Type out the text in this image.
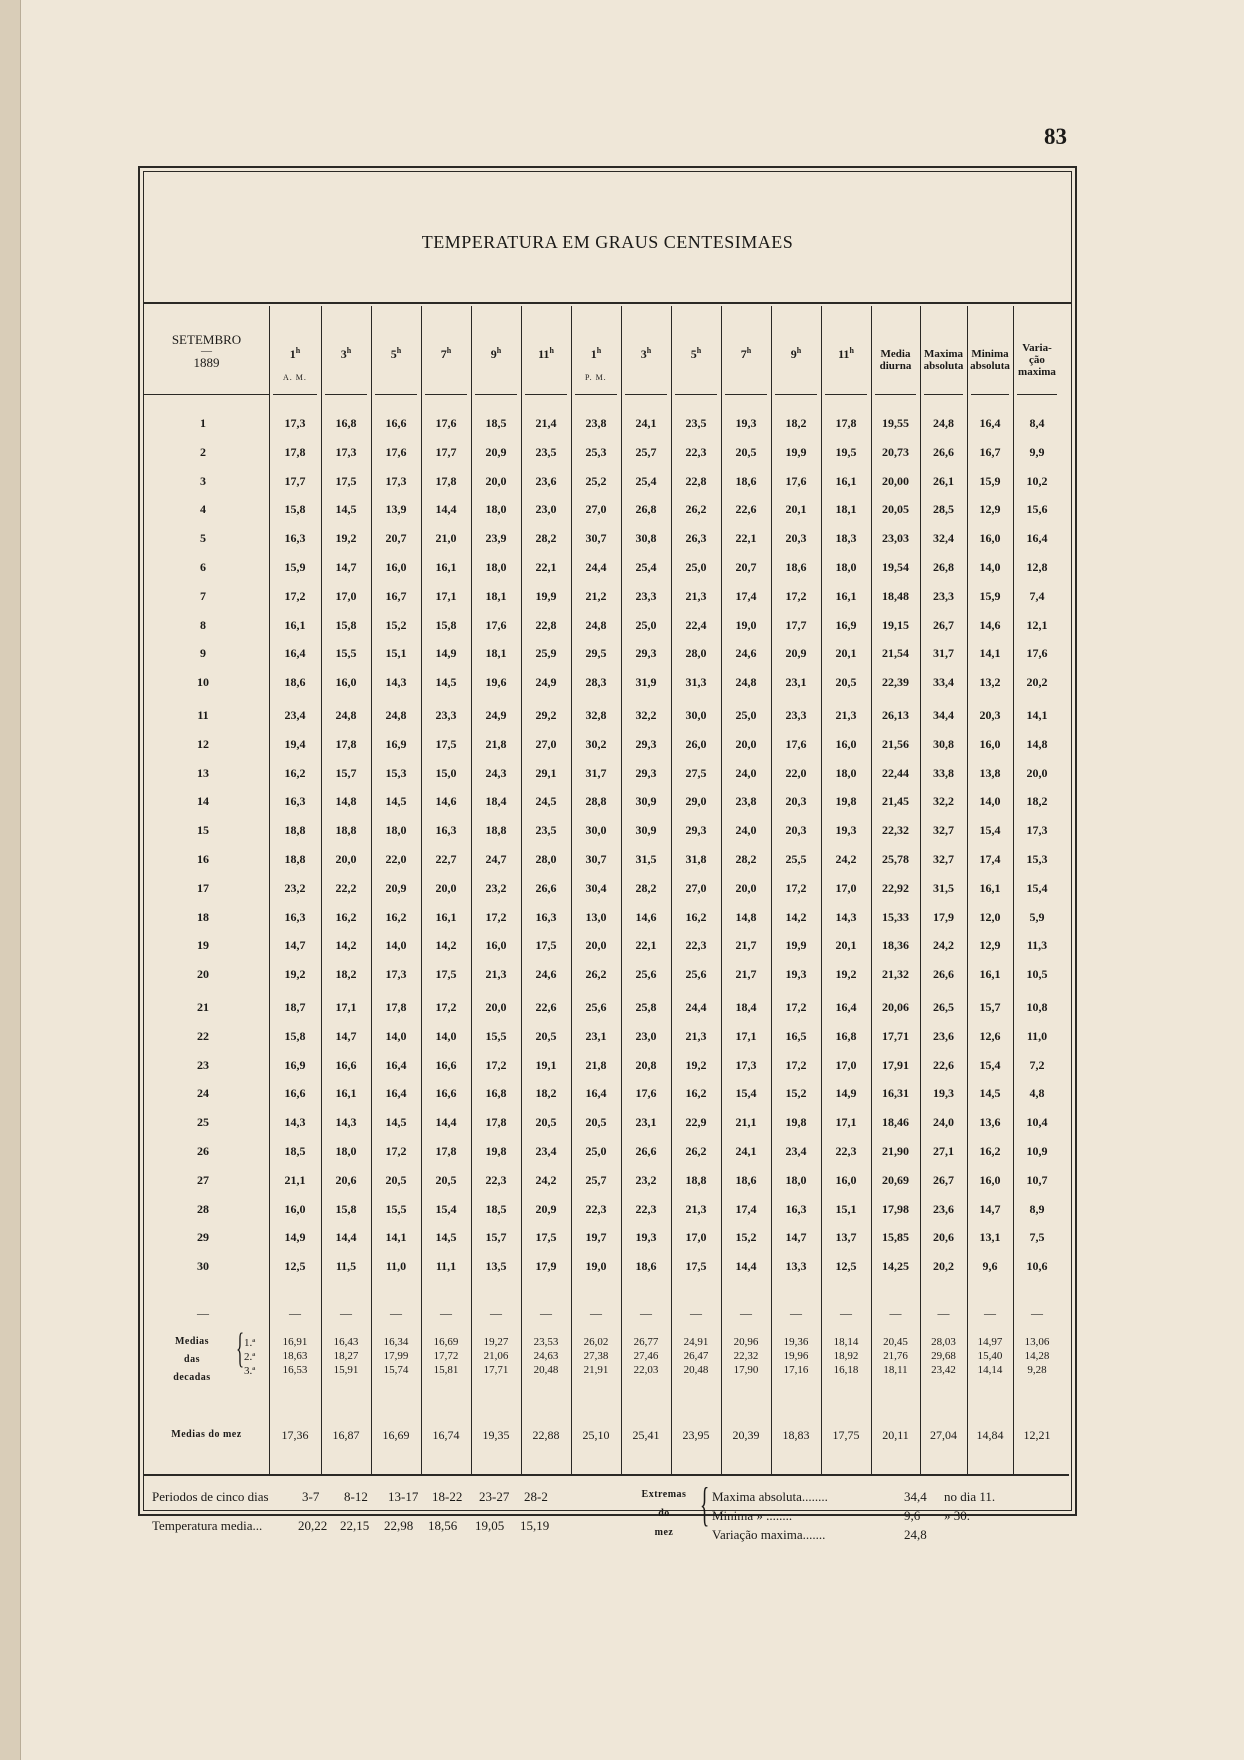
83
TEMPERATURA EM GRAUS CENTESIMAES
SETEMBRO
—
1889
1$^h$	3$^h$	5$^h$	7$^h$	9$^h$	11$^h$	1$^h$	3$^h$	5$^h$	7$^h$	9$^h$	11$^h$
A. M.	P. M.
Media
diurna
Maxima
absoluta
Minima
absoluta
Varia-
ção
maxima
1	17,3	16,8	16,6	17,6	18,5	21,4	23,8	24,1	23,5	19,3	18,2	17,8	19,55	24,8	16,4	8,4
2	17,8	17,3	17,6	17,7	20,9	23,5	25,3	25,7	22,3	20,5	19,9	19,5	20,73	26,6	16,7	9,9
3	17,7	17,5	17,3	17,8	20,0	23,6	25,2	25,4	22,8	18,6	17,6	16,1	20,00	26,1	15,9	10,2
4	15,8	14,5	13,9	14,4	18,0	23,0	27,0	26,8	26,2	22,6	20,1	18,1	20,05	28,5	12,9	15,6
5	16,3	19,2	20,7	21,0	23,9	28,2	30,7	30,8	26,3	22,1	20,3	18,3	23,03	32,4	16,0	16,4
6	15,9	14,7	16,0	16,1	18,0	22,1	24,4	25,4	25,0	20,7	18,6	18,0	19,54	26,8	14,0	12,8
7	17,2	17,0	16,7	17,1	18,1	19,9	21,2	23,3	21,3	17,4	17,2	16,1	18,48	23,3	15,9	7,4
8	16,1	15,8	15,2	15,8	17,6	22,8	24,8	25,0	22,4	19,0	17,7	16,9	19,15	26,7	14,6	12,1
9	16,4	15,5	15,1	14,9	18,1	25,9	29,5	29,3	28,0	24,6	20,9	20,1	21,54	31,7	14,1	17,6
10	18,6	16,0	14,3	14,5	19,6	24,9	28,3	31,9	31,3	24,8	23,1	20,5	22,39	33,4	13,2	20,2
11	23,4	24,8	24,8	23,3	24,9	29,2	32,8	32,2	30,0	25,0	23,3	21,3	26,13	34,4	20,3	14,1
12	19,4	17,8	16,9	17,5	21,8	27,0	30,2	29,3	26,0	20,0	17,6	16,0	21,56	30,8	16,0	14,8
13	16,2	15,7	15,3	15,0	24,3	29,1	31,7	29,3	27,5	24,0	22,0	18,0	22,44	33,8	13,8	20,0
14	16,3	14,8	14,5	14,6	18,4	24,5	28,8	30,9	29,0	23,8	20,3	19,8	21,45	32,2	14,0	18,2
15	18,8	18,8	18,0	16,3	18,8	23,5	30,0	30,9	29,3	24,0	20,3	19,3	22,32	32,7	15,4	17,3
16	18,8	20,0	22,0	22,7	24,7	28,0	30,7	31,5	31,8	28,2	25,5	24,2	25,78	32,7	17,4	15,3
17	23,2	22,2	20,9	20,0	23,2	26,6	30,4	28,2	27,0	20,0	17,2	17,0	22,92	31,5	16,1	15,4
18	16,3	16,2	16,2	16,1	17,2	16,3	13,0	14,6	16,2	14,8	14,2	14,3	15,33	17,9	12,0	5,9
19	14,7	14,2	14,0	14,2	16,0	17,5	20,0	22,1	22,3	21,7	19,9	20,1	18,36	24,2	12,9	11,3
20	19,2	18,2	17,3	17,5	21,3	24,6	26,2	25,6	25,6	21,7	19,3	19,2	21,32	26,6	16,1	10,5
21	18,7	17,1	17,8	17,2	20,0	22,6	25,6	25,8	24,4	18,4	17,2	16,4	20,06	26,5	15,7	10,8
22	15,8	14,7	14,0	14,0	15,5	20,5	23,1	23,0	21,3	17,1	16,5	16,8	17,71	23,6	12,6	11,0
23	16,9	16,6	16,4	16,6	17,2	19,1	21,8	20,8	19,2	17,3	17,2	17,0	17,91	22,6	15,4	7,2
24	16,6	16,1	16,4	16,6	16,8	18,2	16,4	17,6	16,2	15,4	15,2	14,9	16,31	19,3	14,5	4,8
25	14,3	14,3	14,5	14,4	17,8	20,5	20,5	23,1	22,9	21,1	19,8	17,1	18,46	24,0	13,6	10,4
26	18,5	18,0	17,2	17,8	19,8	23,4	25,0	26,6	26,2	24,1	23,4	22,3	21,90	27,1	16,2	10,9
27	21,1	20,6	20,5	20,5	22,3	24,2	25,7	23,2	18,8	18,6	18,0	16,0	20,69	26,7	16,0	10,7
28	16,0	15,8	15,5	15,4	18,5	20,9	22,3	22,3	21,3	17,4	16,3	15,1	17,98	23,6	14,7	8,9
29	14,9	14,4	14,1	14,5	15,7	17,5	19,7	19,3	17,0	15,2	14,7	13,7	15,85	20,6	13,1	7,5
30	12,5	11,5	11,0	11,1	13,5	17,9	19,0	18,6	17,5	14,4	13,3	12,5	14,25	20,2	9,6	10,6
—	—	—	—	—	—	—	—	—	—	—	—	—	—	—	—	—
Medias
das
decadas
{ 1.ª
2.ª
3.ª
16,91	16,43	16,34	16,69	19,27	23,53	26,02	26,77	24,91	20,96	19,36	18,14	20,45	28,03	14,97	13,06
18,63	18,27	17,99	17,72	21,06	24,63	27,38	27,46	26,47	22,32	19,96	18,92	21,76	29,68	15,40	14,28
16,53	15,91	15,74	15,81	17,71	20,48	21,91	22,03	20,48	17,90	17,16	16,18	18,11	23,42	14,14	9,28
Medias do mez	17,36	16,87	16,69	16,74	19,35	22,88	25,10	25,41	23,95	20,39	18,83	17,75	20,11	27,04	14,84	12,21
Periodos de cinco dias
Temperatura media...
3-7 8-12 13-17 18-22 23-27 28-2
20,22 22,15 22,98 18,56 19,05 15,19
Extremas
do
mez
{ Maxima absoluta........	34,4 no dia 11.
Minima » ........	9,6 » 30.
Variação maxima.......	24,8
